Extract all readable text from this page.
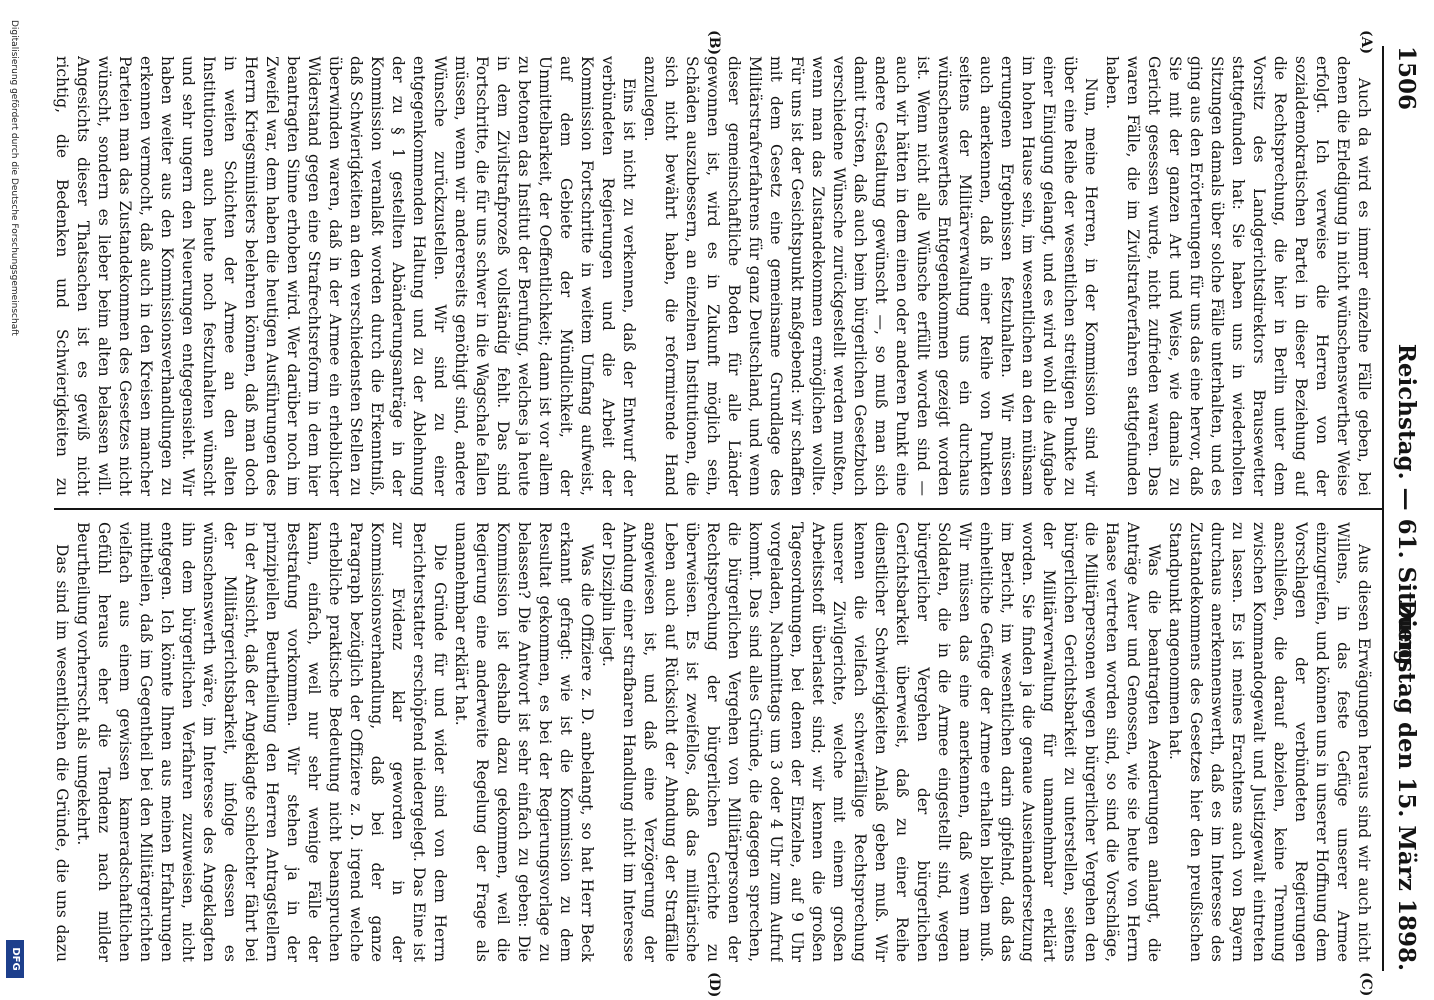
1506
Reichstag. — 61. Sitzung.
Dienstag den 15. März 1898.
(A)
(B)
(C)
(D)

Auch da wird es immer einzelne Fälle geben, bei denen die Erledigung in nicht wünschenswerther Weise erfolgt. Ich verweise die Herren von der sozialdemokratischen Partei in dieser Beziehung auf die Rechtsprechung, die hier in Berlin unter dem Vorsitz des Landgerichtsdirektors Brausewetter stattgefunden hat: Sie haben uns in wiederholten Sitzungen damals über solche Fälle unterhalten, und es ging aus den Erörterungen für uns das eine hervor, daß Sie mit der ganzen Art und Weise, wie damals zu Gericht gesessen wurde, nicht zufrieden waren. Das waren Fälle, die im Zivilstrafverfahren stattgefunden haben.

Nun, meine Herren, in der Kommission sind wir über eine Reihe der wesentlichen streitigen Punkte zu einer Einigung gelangt, und es wird wohl die Aufgabe im hohen Hause sein, im wesentlichen an den mühsam errungenen Ergebnissen festzuhalten. Wir müssen auch anerkennen, daß in einer Reihe von Punkten seitens der Militärverwaltung uns ein durchaus wünschenswerthes Entgegenkommen gezeigt worden ist. Wenn nicht alle Wünsche erfüllt worden sind — auch wir hätten in dem einen oder anderen Punkt eine andere Gestaltung gewünscht —, so muß man sich damit trösten, daß auch beim bürgerlichen Gesetzbuch verschiedene Wünsche zurückgestellt werden mußten, wenn man das Zustandekommen ermöglichen wollte. Für uns ist der Gesichtspunkt maßgebend: wir schaffen mit dem Gesetz eine gemeinsame Grundlage des Militärstrafverfahrens für ganz Deutschland, und wenn dieser gemeinschaftliche Boden für alle Länder gewonnen ist, wird es in Zukunft möglich sein, Schäden auszubessern, an einzelnen Institutionen, die sich nicht bewährt haben, die reformirende Hand anzulegen.

Eins ist nicht zu verkennen, daß der Entwurf der verbündeten Regierungen und die Arbeit der Kommission Fortschritte in weitem Umfang aufweist, auf dem Gebiete der Mündlichkeit, der Unmittelbarkeit, der Oeffentlichkeit; dann ist vor allem zu betonen das Institut der Berufung, welches ja heute in dem Zivilstrafprozeß vollständig fehlt. Das sind Fortschritte, die für uns schwer in die Wagschale fallen müssen, wenn wir andererseits genöthigt sind, andere Wünsche zurückzustellen. Wir sind zu einer entgegenkommenden Haltung und zu der Ablehnung der zu § 1 gestellten Abänderungsanträge in der Kommission veranlaßt worden durch die Erkenntniß, daß Schwierigkeiten an den verschiedensten Stellen zu überwinden waren, daß in der Armee ein erheblicher Widerstand gegen eine Strafrechtsreform in dem hier beantragten Sinne erhoben wird. Wer darüber noch im Zweifel war, dem haben die heutigen Ausführungen des Herrn Kriegsministers belehren können, daß man doch in weiten Schichten der Armee an den alten Institutionen auch heute noch festzuhalten wünscht und sehr ungern den Neuerungen entgegensieht. Wir haben weiter aus den Kommissionsverhandlungen zu erkennen vermocht, daß auch in den Kreisen mancher Parteien man das Zustandekommen des Gesetzes nicht wünscht, sondern es lieber beim alten belassen will. Angesichts dieser Thatsachen ist es gewiß nicht richtig, die Bedenken und Schwierigkeiten zu

Aus diesen Erwägungen heraus sind wir auch nicht Willens, in das feste Gefüge unserer Armee einzugreifen, und können uns in unserer Hoffnung dem Vorschlagen der verbündeten Regierungen anschließen, die darauf abzielen, keine Trennung zwischen Kommandogewalt und Justizgewalt eintreten zu lassen. Es ist meines Erachtens auch von Bayern durchaus anerkennenswerth, daß es im Interesse des Zustandekommens des Gesetzes hier den preußischen Standpunkt angenommen hat.

Was die beantragten Aenderungen anlangt, die Anträge Auer und Genossen, wie sie heute von Herrn Haase vertreten worden sind, so sind die Vorschläge, die Militärpersonen wegen bürgerlicher Vergehen den bürgerlichen Gerichtsbarkeit zu unterstellen, seitens der Militärverwaltung für unannehmbar erklärt worden. Sie finden ja die genaue Auseinandersetzung im Bericht, im wesentlichen darin gipfelnd, daß das einheitliche Gefüge der Armee erhalten bleiben muß. Wir müssen das eine anerkennen, daß wenn man Soldaten, die in die Armee eingestellt sind, wegen bürgerlicher Vergehen der bürgerlichen Gerichtsbarkeit überweist, daß zu einer Reihe dienstlicher Schwierigkeiten Anlaß geben muß. Wir kennen die vielfach schwerfällige Rechtsprechung unserer Zivilgerichte, welche mit einem großen Arbeitsstoff überlastet sind; wir kennen die großen Tagesordnungen, bei denen der Einzelne, auf 9 Uhr vorgeladen, Nachmittags um 3 oder 4 Uhr zum Aufruf kommt. Das sind alles Gründe, die dagegen sprechen, die bürgerlichen Vergehen von Militärpersonen der Rechtsprechung der bürgerlichen Gerichte zu überweisen. Es ist zweifellos, daß das militärische Leben auch auf Rücksicht der Ahndung der Straffälle angewiesen ist, und daß eine Verzögerung der Ahndung einer strafbaren Handlung nicht im Interesse der Disziplin liegt.

Was die Offiziere z. D. anbelangt, so hat Herr Beck erkannt gefragt: wie ist die Kommission zu dem Resultat gekommen, es bei der Regierungsvorlage zu belassen? Die Antwort ist sehr einfach zu geben: Die Kommission ist deshalb dazu gekommen, weil die Regierung eine anderweite Regelung der Frage als unannehmbar erklärt hat.

Die Gründe für und wider sind von dem Herrn Berichterstatter erschöpfend niedergelegt. Das Eine ist zur Evidenz klar geworden in der Kommissionsverhandlung, daß bei der ganze Paragraph bezüglich der Offiziere z. D. irgend welche erhebliche praktische Bedeutung nicht beanspruchen kann, einfach, weil nur sehr wenige Fälle der Bestrafung vorkommen. Wir stehen ja in der prinzipiellen Beurtheilung den Herren Antragstellern in der Ansicht, daß der Angeklagte schlechter fährt bei der Militärgerichtsbarkeit, infolge dessen es wünschenswerth wäre, im Interesse des Angeklagten ihn dem bürgerlichen Verfahren zuzuweisen, nicht entgegen. Ich könnte Ihnen aus meinen Erfahrungen mittheilen, daß im Gegentheil bei den Militärgerichten vielfach aus einem gewissen kameradschaftlichen Gefühl heraus eher die Tendenz nach milder Beurtheilung vorherrscht als umgekehrt.

Das sind im wesentlichen die Gründe, die uns dazu

Digitalisierung gefördert durch die Deutsche Forschungsgemeinschaft
DFG
